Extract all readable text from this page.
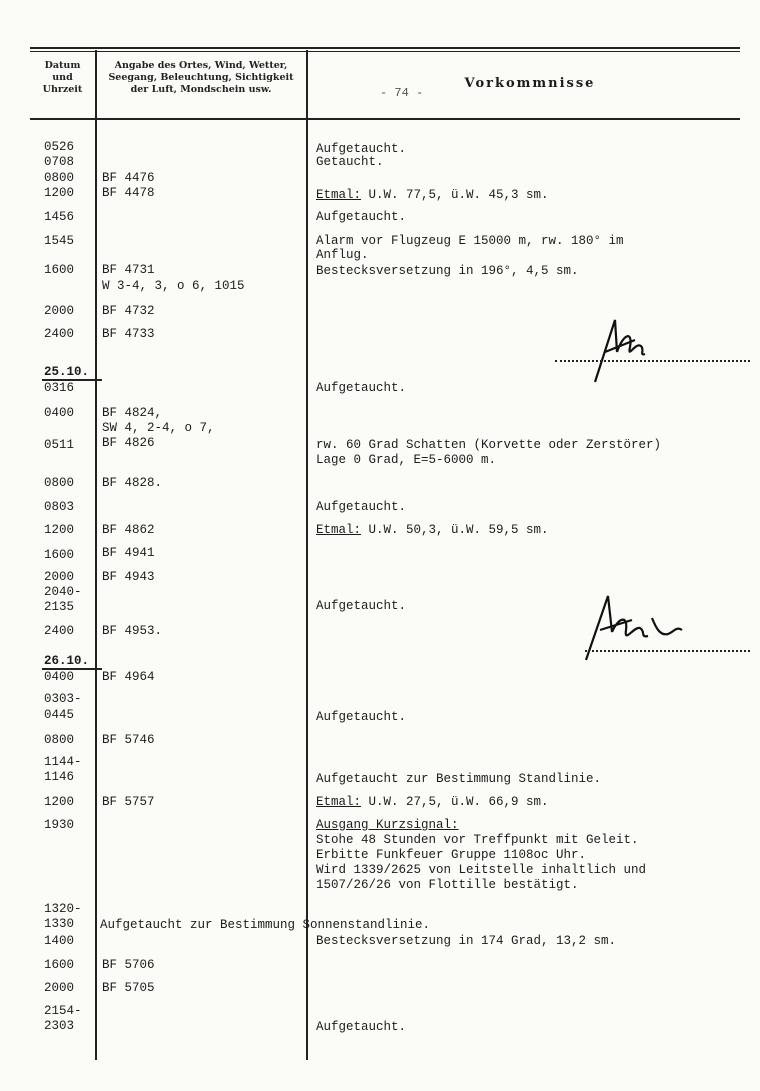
Datum
und
Uhrzeit
Angabe des Ortes, Wind, Wetter,
Seegang, Beleuchtung, Sichtigkeit
der Luft, Mondschein usw.	- 74 -
Vorkommnisse

0526	Aufgetaucht.
0708	Getaucht.
0800 BF 4476
1200 BF 4478	Etmal: U.W. 77,5, ü.W. 45,3 sm.
1456	Aufgetaucht.
1545	Alarm vor Flugzeug E 15000 m, rw. 180° im
Anflug.
1600 BF 4731
W 3-4, 3, o 6, 1015
Bestecksversetzung in 196°, 4,5 sm.
2000 BF 4732
2400 BF 4733
25.10.
0316	Aufgetaucht.
0400 BF 4824,
SW 4, 2-4, o 7,
0511 BF 4826	rw. 60 Grad Schatten (Korvette oder Zerstörer)
Lage 0 Grad, E=5-6000 m.
0800 BF 4828.
0803	Aufgetaucht.
1200 BF 4862	Etmal: U.W. 50,3, ü.W. 59,5 sm.
1600 BF 4941
2000 BF 4943
2040-
2135	Aufgetaucht.
2400 BF 4953.
26.10.
0400 BF 4964
0303-
0445	Aufgetaucht.
0800 BF 5746
1144-
1146	Aufgetaucht zur Bestimmung Standlinie.
1200 BF 5757	Etmal: U.W. 27,5, ü.W. 66,9 sm.
1930	Ausgang Kurzsignal:
Stohe 48 Stunden vor Treffpunkt mit Geleit.
Erbitte Funkfeuer Gruppe 1108oc Uhr.
Wird 1339/2625 von Leitstelle inhaltlich und
1507/26/26 von Flottille bestätigt.
1320-
1330 Aufgetaucht zur Bestimmung Sonnenstandlinie.
1400	Bestecksversetzung in 174 Grad, 13,2 sm.
1600 BF 5706
2000 BF 5705
2154-
2303	Aufgetaucht.
